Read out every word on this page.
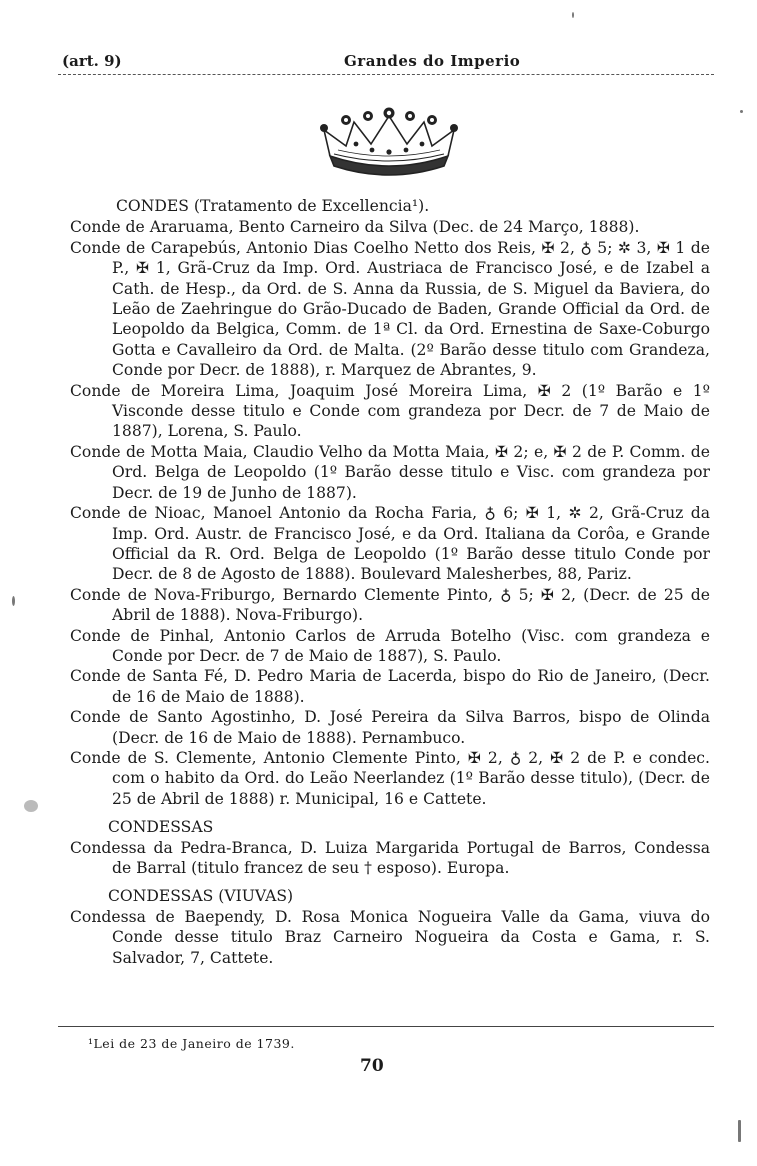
(art. 9)	Grandes do Imperio
CONDES (Tratamento de Excellencia¹).
Conde de Araruama, Bento Carneiro da Silva (Dec. de 24 Março, 1888).
Conde de Carapebús, Antonio Dias Coelho Netto dos Reis, ✠ 2, ♁ 5; ✲ 3, ✠ 1 de P., ✠ 1, Grã-Cruz da Imp. Ord. Austriaca de Francisco José, e de Izabel a Cath. de Hesp., da Ord. de S. Anna da Russia, de S. Miguel da Baviera, do Leão de Zaehringue do Grão-Ducado de Baden, Grande Official da Ord. de Leopoldo da Belgica, Comm. de 1ª Cl. da Ord. Ernestina de Saxe-Coburgo Gotta e Cavalleiro da Ord. de Malta. (2º Barão desse titulo com Grandeza, Conde por Decr. de 1888), r. Marquez de Abrantes, 9.
Conde de Moreira Lima, Joaquim José Moreira Lima, ✠ 2 (1º Barão e 1º Visconde desse titulo e Conde com grandeza por Decr. de 7 de Maio de 1887), Lorena, S. Paulo.
Conde de Motta Maia, Claudio Velho da Motta Maia, ✠ 2; e, ✠ 2 de P. Comm. de Ord. Belga de Leopoldo (1º Barão desse titulo e Visc. com grandeza por Decr. de 19 de Junho de 1887).
Conde de Nioac, Manoel Antonio da Rocha Faria, ♁ 6; ✠ 1, ✲ 2, Grã-Cruz da Imp. Ord. Austr. de Francisco José, e da Ord. Italiana da Corôa, e Grande Official da R. Ord. Belga de Leopoldo (1º Barão desse titulo Conde por Decr. de 8 de Agosto de 1888). Boulevard Malesherbes, 88, Pariz.
Conde de Nova-Friburgo, Bernardo Clemente Pinto, ♁ 5; ✠ 2, (Decr. de 25 de Abril de 1888). Nova-Friburgo).
Conde de Pinhal, Antonio Carlos de Arruda Botelho (Visc. com grandeza e Conde por Decr. de 7 de Maio de 1887), S. Paulo.
Conde de Santa Fé, D. Pedro Maria de Lacerda, bispo do Rio de Janeiro, (Decr. de 16 de Maio de 1888).
Conde de Santo Agostinho, D. José Pereira da Silva Barros, bispo de Olinda (Decr. de 16 de Maio de 1888). Pernambuco.
Conde de S. Clemente, Antonio Clemente Pinto, ✠ 2, ♁ 2, ✠ 2 de P. e condec. com o habito da Ord. do Leão Neerlandez (1º Barão desse titulo), (Decr. de 25 de Abril de 1888) r. Municipal, 16 e Cattete.
CONDESSAS
Condessa da Pedra-Branca, D. Luiza Margarida Portugal de Barros, Condessa de Barral (titulo francez de seu † esposo). Europa.
CONDESSAS (VIUVAS)
Condessa de Baependy, D. Rosa Monica Nogueira Valle da Gama, viuva do Conde desse titulo Braz Carneiro Nogueira da Costa e Gama, r. S. Salvador, 7, Cattete.
¹Lei de 23 de Janeiro de 1739.
70
